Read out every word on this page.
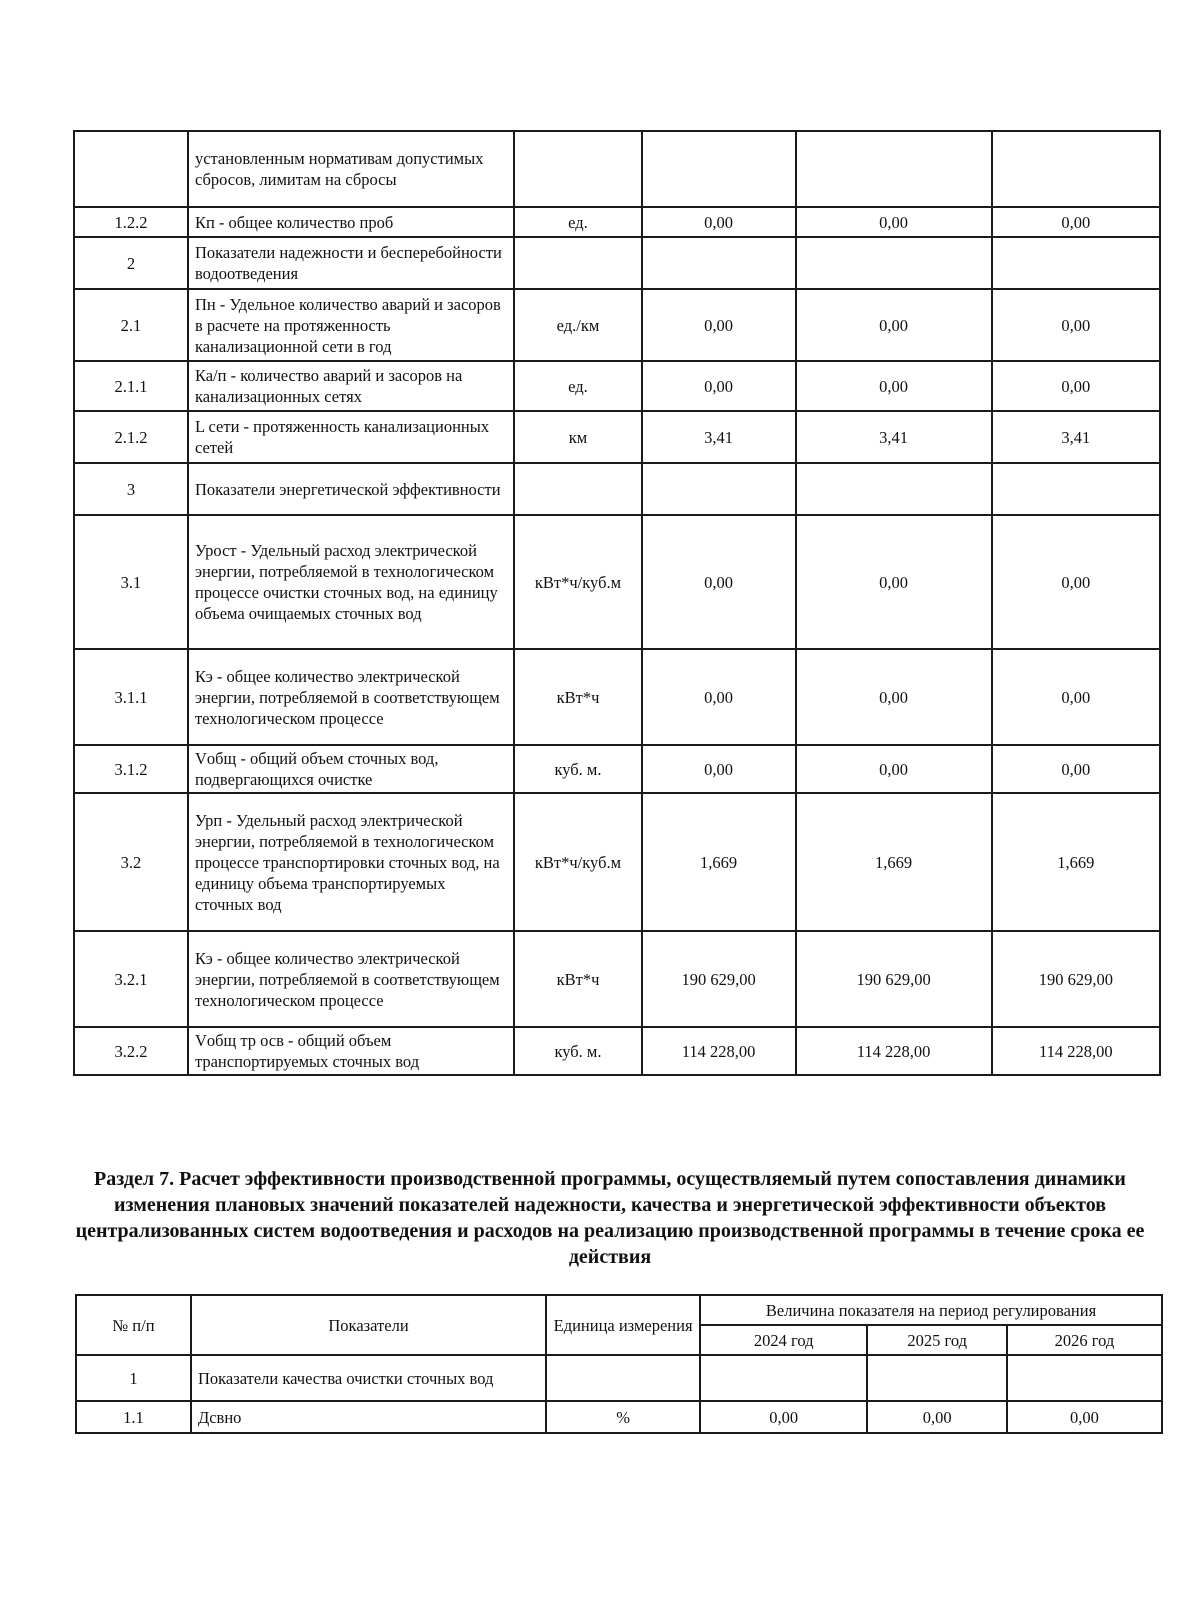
	установленным нормативам допустимых сбросов, лимитам на сбросы				
1.2.2	Кп - общее количество проб	ед.	0,00	0,00	0,00
2	Показатели надежности и бесперебойности водоотведения				
2.1	Пн - Удельное количество аварий и засоров в расчете на протяженность канализационной сети в год	ед./км	0,00	0,00	0,00
2.1.1	Ка/п - количество аварий и засоров на канализационных сетях	ед.	0,00	0,00	0,00
2.1.2	L сети - протяженность канализационных сетей	км	3,41	3,41	3,41
3	Показатели энергетической эффективности				
3.1	Урост - Удельный расход электрической энергии, потребляемой в технологическом процессе очистки сточных вод, на единицу объема очищаемых сточных вод	кВт*ч/куб.м	0,00	0,00	0,00
3.1.1	Кэ - общее количество электрической энергии, потребляемой в соответствующем технологическом процессе	кВт*ч	0,00	0,00	0,00
3.1.2	Vобщ - общий объем сточных вод, подвергающихся очистке	куб. м.	0,00	0,00	0,00
3.2	Урп - Удельный расход электрической энергии, потребляемой в технологическом процессе транспортировки сточных вод, на единицу объема транспортируемых сточных вод	кВт*ч/куб.м	1,669	1,669	1,669
3.2.1	Кэ - общее количество электрической энергии, потребляемой в соответствующем технологическом процессе	кВт*ч	190 629,00	190 629,00	190 629,00
3.2.2	Vобщ тр осв - общий объем транспортируемых сточных вод	куб. м.	114 228,00	114 228,00	114 228,00
Раздел 7. Расчет эффективности производственной программы, осуществляемый путем сопоставления динамики изменения плановых значений показателей надежности, качества и энергетической эффективности объектов централизованных систем водоотведения и расходов на реализацию производственной программы в течение срока ее действия
№ п/п	Показатели	Единица измерения	Величина показателя на период регулирования		
			2024 год	2025 год	2026 год
1	Показатели качества очистки сточных вод				
1.1	Дсвно	%	0,00	0,00	0,00
